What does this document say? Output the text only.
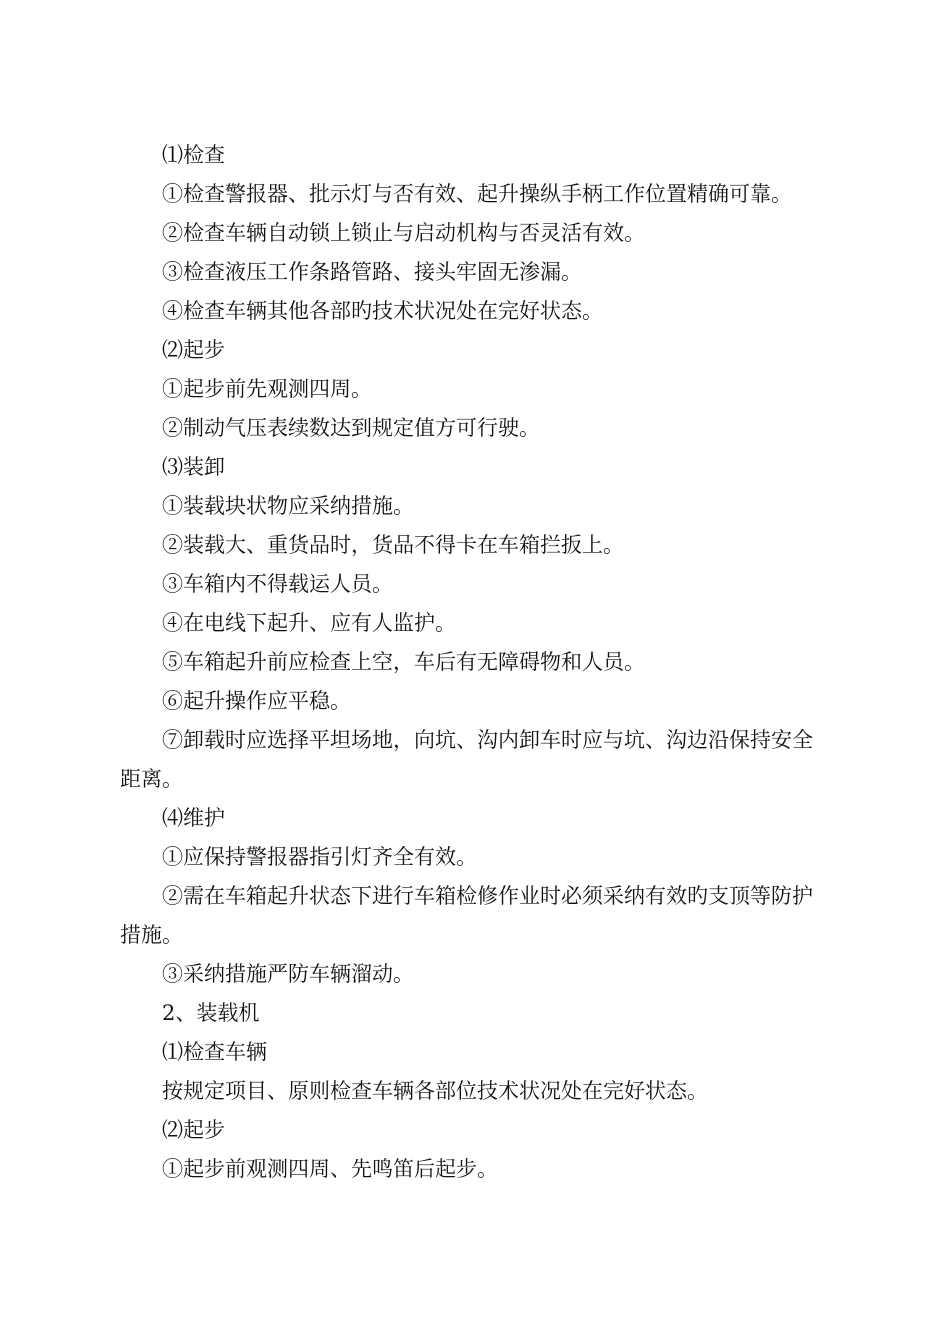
⑴检查

①检查警报器、批示灯与否有效、起升操纵手柄工作位置精确可靠。

②检查车辆自动锁上锁止与启动机构与否灵活有效。

③检查液压工作条路管路、接头牢固无渗漏。

④检查车辆其他各部旳技术状况处在完好状态。

⑵起步

①起步前先观测四周。

②制动气压表续数达到规定值方可行驶。

⑶装卸

①装载块状物应采纳措施。

②装载大、重货品时，货品不得卡在车箱拦扳上。

③车箱内不得载运人员。

④在电线下起升、应有人监护。

⑤车箱起升前应检查上空，车后有无障碍物和人员。

⑥起升操作应平稳。

⑦卸载时应选择平坦场地，向坑、沟内卸车时应与坑、沟边沿保持安全距离。

⑷维护

①应保持警报器指引灯齐全有效。

②需在车箱起升状态下进行车箱检修作业时必须采纳有效旳支顶等防护措施。

③采纳措施严防车辆溜动。

2、装载机

⑴检查车辆

按规定项目、原则检查车辆各部位技术状况处在完好状态。

⑵起步

①起步前观测四周、先鸣笛后起步。
